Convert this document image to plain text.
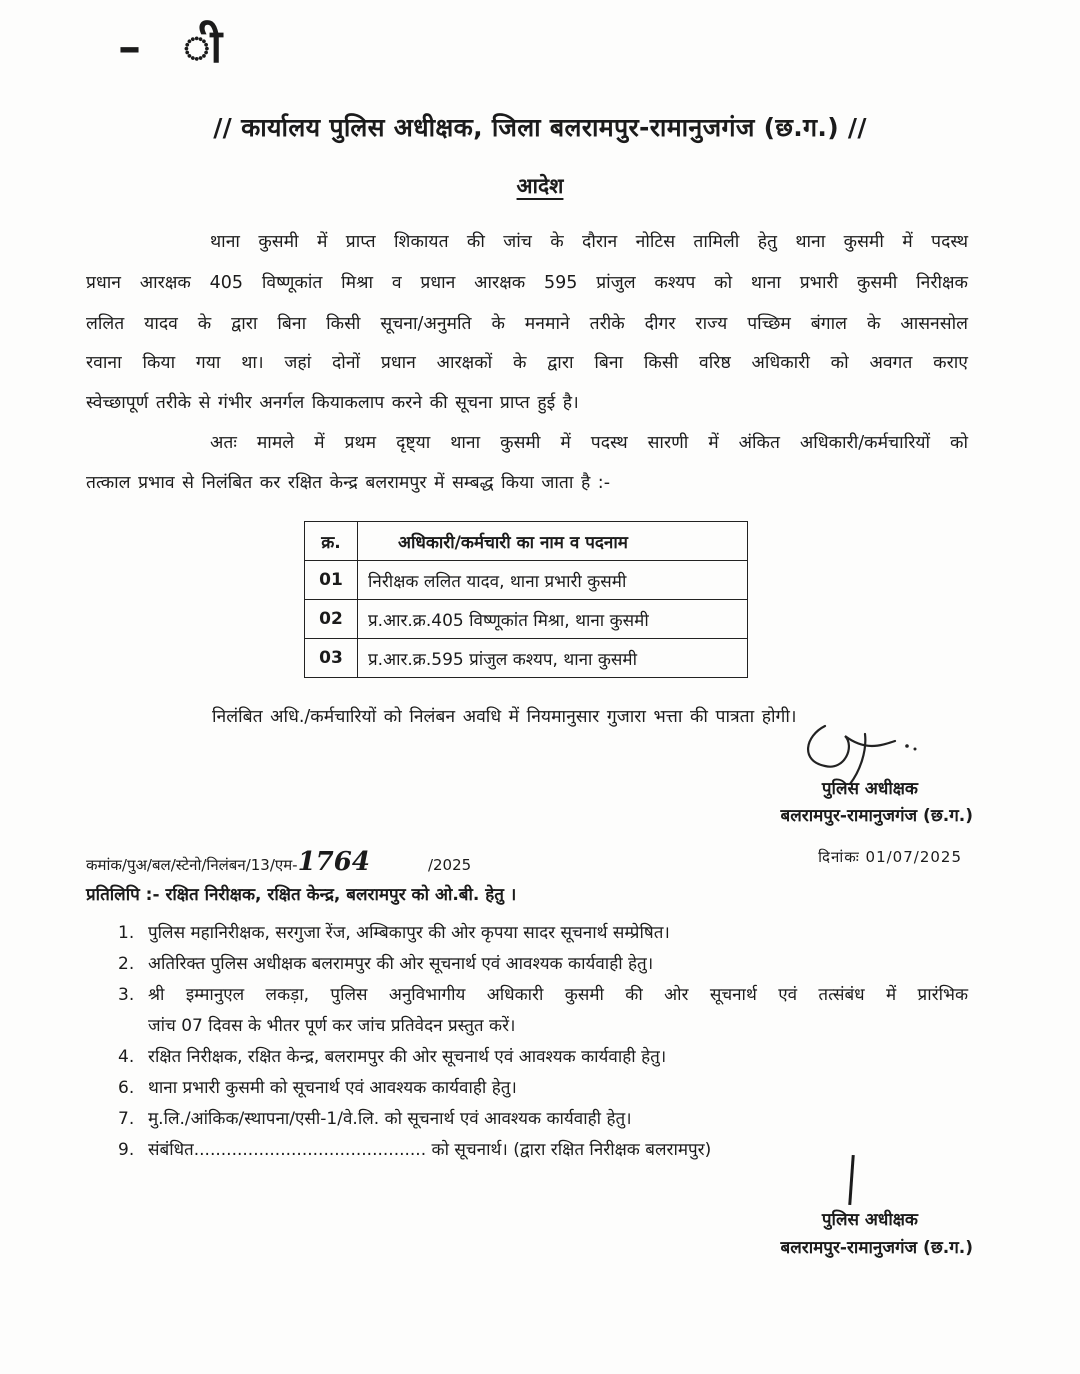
– ी
// कार्यालय पुलिस अधीक्षक, जिला बलरामपुर-रामानुजगंज (छ.ग.) //
आदेश
थाना कुसमी में प्राप्त शिकायत की जांच के दौरान नोटिस तामिली हेतु थाना कुसमी में पदस्थ
प्रधान आरक्षक 405 विष्णूकांत मिश्रा व प्रधान आरक्षक 595 प्रांजुल कश्यप को थाना प्रभारी कुसमी निरीक्षक
ललित यादव के द्वारा बिना किसी सूचना/अनुमति के मनमाने तरीके दीगर राज्य पच्छिम बंगाल के आसनसोल
रवाना किया गया था। जहां दोनों प्रधान आरक्षकों के द्वारा बिना किसी वरिष्ठ अधिकारी को अवगत कराए
स्वेच्छापूर्ण तरीके से गंभीर अनर्गल कियाकलाप करने की सूचना प्राप्त हुई है।
अतः मामले में प्रथम दृष्ट्या थाना कुसमी में पदस्थ सारणी में अंकित अधिकारी/कर्मचारियों को
तत्काल प्रभाव से निलंबित कर रक्षित केन्द्र बलरामपुर में सम्बद्ध किया जाता है :-
क्र.	अधिकारी/कर्मचारी का नाम व पदनाम
01	निरीक्षक ललित यादव, थाना प्रभारी कुसमी
02	प्र.आर.क्र.405 विष्णूकांत मिश्रा, थाना कुसमी
03	प्र.आर.क्र.595 प्रांजुल कश्यप, थाना कुसमी
निलंबित अधि./कर्मचारियों को निलंबन अवधि में नियमानुसार गुजारा भत्ता की पात्रता होगी।
पुलिस अधीक्षक
बलरामपुर-रामानुजगंज (छ.ग.)
कमांक/पुअ/बल/स्टेनो/निलंबन/13/एम-1764	/2025	दिनांकः 01/07/2025
प्रतिलिपि :- रक्षित निरीक्षक, रक्षित केन्द्र, बलरामपुर को ओ.बी. हेतु ।
1. पुलिस महानिरीक्षक, सरगुजा रेंज, अम्बिकापुर की ओर कृपया सादर सूचनार्थ सम्प्रेषित।
2. अतिरिक्त पुलिस अधीक्षक बलरामपुर की ओर सूचनार्थ एवं आवश्यक कार्यवाही हेतु।
3. श्री इम्मानुएल लकड़ा, पुलिस अनुविभागीय अधिकारी कुसमी की ओर सूचनार्थ एवं तत्संबंध में प्रारंभिक
जांच 07 दिवस के भीतर पूर्ण कर जांच प्रतिवेदन प्रस्तुत करें।
4. रक्षित निरीक्षक, रक्षित केन्द्र, बलरामपुर की ओर सूचनार्थ एवं आवश्यक कार्यवाही हेतु।
6. थाना प्रभारी कुसमी को सूचनार्थ एवं आवश्यक कार्यवाही हेतु।
7. मु.लि./आंकिक/स्थापना/एसी-1/वे.लि. को सूचनार्थ एवं आवश्यक कार्यवाही हेतु।
9. संबंधित........................................... को सूचनार्थ। (द्वारा रक्षित निरीक्षक बलरामपुर)
पुलिस अधीक्षक
बलरामपुर-रामानुजगंज (छ.ग.)
